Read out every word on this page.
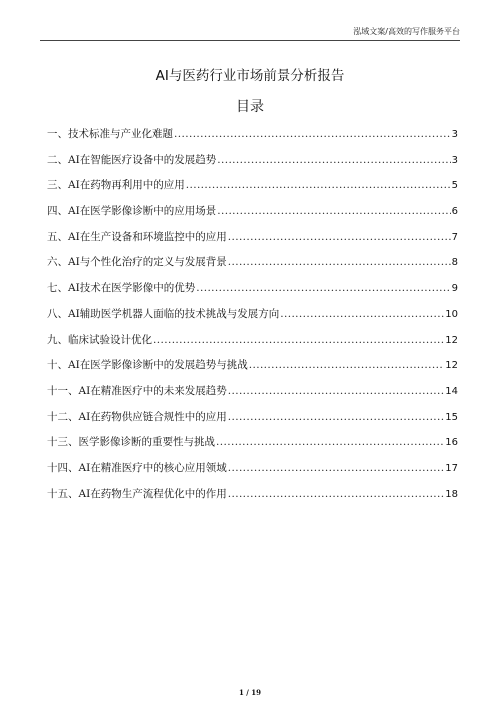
泓域文案/高效的写作服务平台
AI与医药行业市场前景分析报告
目录
一、 技术标准与产业化难题 .....	3
二、 AI在智能医疗设备中的发展趋势 .....	3
三、 AI在药物再利用中的应用 .....	5
四、 AI在医学影像诊断中的应用场景 .....	6
五、 AI在生产设备和环境监控中的应用 .....	7
六、 AI与个性化治疗的定义与发展背景 .....	8
七、 AI技术在医学影像中的优势 .....	9
八、 AI辅助医学机器人面临的技术挑战与发展方向 .....	10
九、 临床试验设计优化 .....	12
十、 AI在医学影像诊断中的发展趋势与挑战 .....	12
十一、 AI在精准医疗中的未来发展趋势 .....	14
十二、 AI在药物供应链合规性中的应用 .....	15
十三、 医学影像诊断的重要性与挑战 .....	16
十四、 AI在精准医疗中的核心应用领域 .....	17
十五、 AI在药物生产流程优化中的作用 .....	18
1 / 19
